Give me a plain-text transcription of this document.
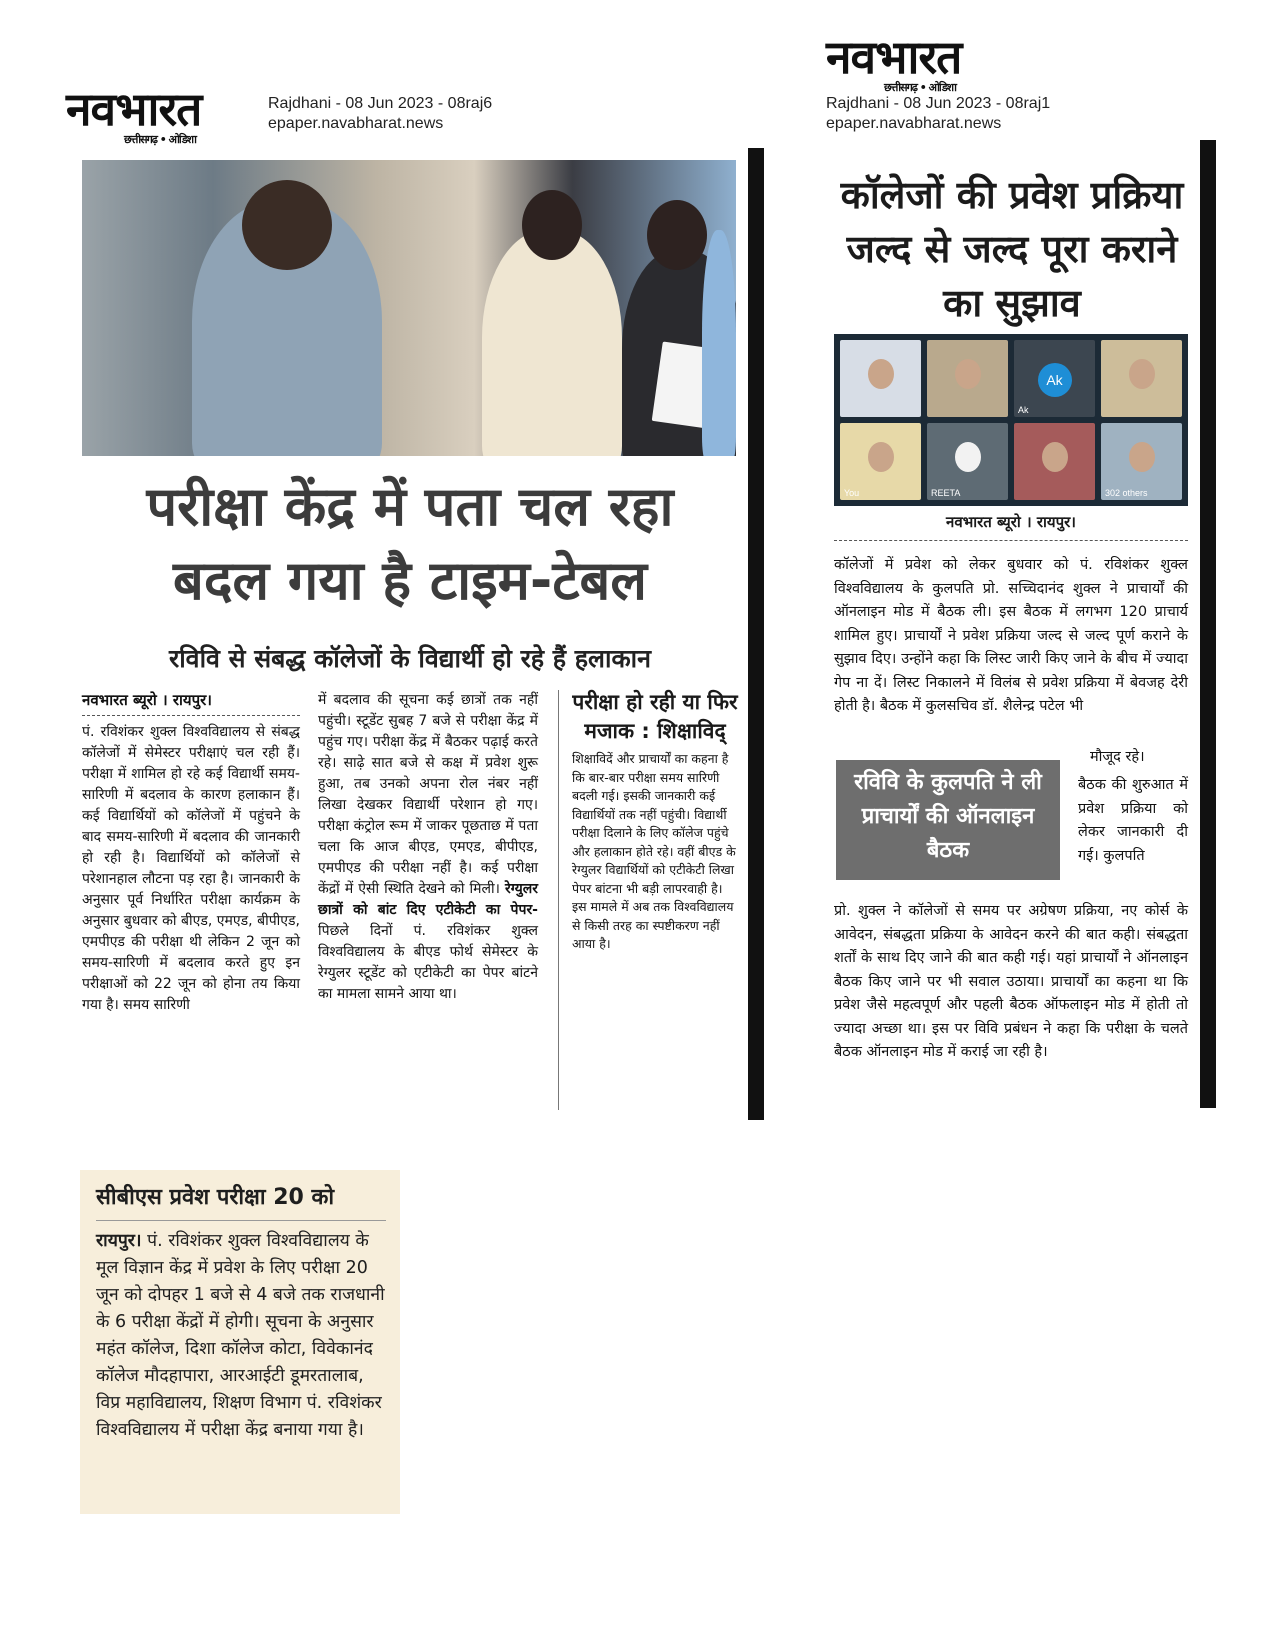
नवभारत
छत्तीसगढ़ • ओडिशा
Rajdhani - 08 Jun 2023 - 08raj6
epaper.navabharat.news
परीक्षा केंद्र में पता चल रहा
बदल गया है टाइम-टेबल
रविवि से संबद्ध कॉलेजों के विद्यार्थी हो रहे हैं हलाकान
नवभारत ब्यूरो । रायपुर।
पं. रविशंकर शुक्ल विश्वविद्यालय से संबद्ध कॉलेजों में सेमेस्टर परीक्षाएं चल रही हैं। परीक्षा में शामिल हो रहे कई विद्यार्थी समय-सारिणी में बदलाव के कारण हलाकान हैं। कई विद्यार्थियों को कॉलेजों में पहुंचने के बाद समय-सारिणी में बदलाव की जानकारी हो रही है। विद्यार्थियों को कॉलेजों से परेशानहाल लौटना पड़ रहा है। जानकारी के अनुसार पूर्व निर्धारित परीक्षा कार्यक्रम के अनुसार बुधवार को बीएड, एमएड, बीपीएड, एमपीएड की परीक्षा थी लेकिन 2 जून को समय-सारिणी में बदलाव करते हुए इन परीक्षाओं को 22 जून को होना तय किया गया है। समय सारिणी
में बदलाव की सूचना कई छात्रों तक नहीं पहुंची। स्टूडेंट सुबह 7 बजे से परीक्षा केंद्र में पहुंच गए। परीक्षा केंद्र में बैठकर पढ़ाई करते रहे। साढ़े सात बजे से कक्ष में प्रवेश शुरू हुआ, तब उनको अपना रोल नंबर नहीं लिखा देखकर विद्यार्थी परेशान हो गए। परीक्षा कंट्रोल रूम में जाकर पूछताछ में पता चला कि आज बीएड, एमएड, बीपीएड, एमपीएड की परीक्षा नहीं है। कई परीक्षा केंद्रों में ऐसी स्थिति देखने को मिली। रेग्युलर छात्रों को बांट दिए एटीकेटी का पेपर- पिछले दिनों पं. रविशंकर शुक्ल विश्वविद्यालय के बीएड फोर्थ सेमेस्टर के रेग्युलर स्टूडेंट को एटीकेटी का पेपर बांटने का मामला सामने आया था।
परीक्षा हो रही या फिर मजाक : शिक्षाविद्
शिक्षाविदें और प्राचार्यों का कहना है कि बार-बार परीक्षा समय सारिणी बदली गई। इसकी जानकारी कई विद्यार्थियों तक नहीं पहुंची। विद्यार्थी परीक्षा दिलाने के लिए कॉलेज पहुंचे और हलाकान होते रहे। वहीं बीएड के रेग्युलर विद्यार्थियों को एटीकेटी लिखा पेपर बांटना भी बड़ी लापरवाही है। इस मामले में अब तक विश्वविद्यालय से किसी तरह का स्पष्टीकरण नहीं आया है।
नवभारत
छत्तीसगढ़ • ओडिशा
Rajdhani - 08 Jun 2023 - 08raj1
epaper.navabharat.news
कॉलेजों की प्रवेश प्रक्रिया जल्द से जल्द पूरा कराने का सुझाव
Ak
Ak
You	REETA	302 others
नवभारत ब्यूरो । रायपुर।
कॉलेजों में प्रवेश को लेकर बुधवार को पं. रविशंकर शुक्ल विश्वविद्यालय के कुलपति प्रो. सच्चिदानंद शुक्ल ने प्राचार्यों की ऑनलाइन मोड में बैठक ली। इस बैठक में लगभग 120 प्राचार्य शामिल हुए। प्राचार्यों ने प्रवेश प्रक्रिया जल्द से जल्द पूर्ण कराने के सुझाव दिए। उन्होंने कहा कि लिस्ट जारी किए जाने के बीच में ज्यादा गेप ना दें। लिस्ट निकालने में विलंब से प्रवेश प्रक्रिया में बेवजह देरी होती है। बैठक में कुलसचिव डॉ. शैलेन्द्र पटेल भी
मौजूद रहे।
रविवि के कुलपति ने ली प्राचार्यों की ऑनलाइन बैठक
बैठक की शुरुआत में प्रवेश प्रक्रिया को लेकर जानकारी दी गई। कुलपति
प्रो. शुक्ल ने कॉलेजों से समय पर अग्रेषण प्रक्रिया, नए कोर्स के आवेदन, संबद्धता प्रक्रिया के आवेदन करने की बात कही। संबद्धता शर्तों के साथ दिए जाने की बात कही गई। यहां प्राचार्यों ने ऑनलाइन बैठक किए जाने पर भी सवाल उठाया। प्राचार्यों का कहना था कि प्रवेश जैसे महत्वपूर्ण और पहली बैठक ऑफलाइन मोड में होती तो ज्यादा अच्छा था। इस पर विवि प्रबंधन ने कहा कि परीक्षा के चलते बैठक ऑनलाइन मोड में कराई जा रही है।
सीबीएस प्रवेश परीक्षा 20 को
रायपुर। पं. रविशंकर शुक्ल विश्वविद्यालय के मूल विज्ञान केंद्र में प्रवेश के लिए परीक्षा 20 जून को दोपहर 1 बजे से 4 बजे तक राजधानी के 6 परीक्षा केंद्रों में होगी। सूचना के अनुसार महंत कॉलेज, दिशा कॉलेज कोटा, विवेकानंद कॉलेज मौदहापारा, आरआईटी डूमरतालाब, विप्र महाविद्यालय, शिक्षण विभाग पं. रविशंकर विश्वविद्यालय में परीक्षा केंद्र बनाया गया है।
